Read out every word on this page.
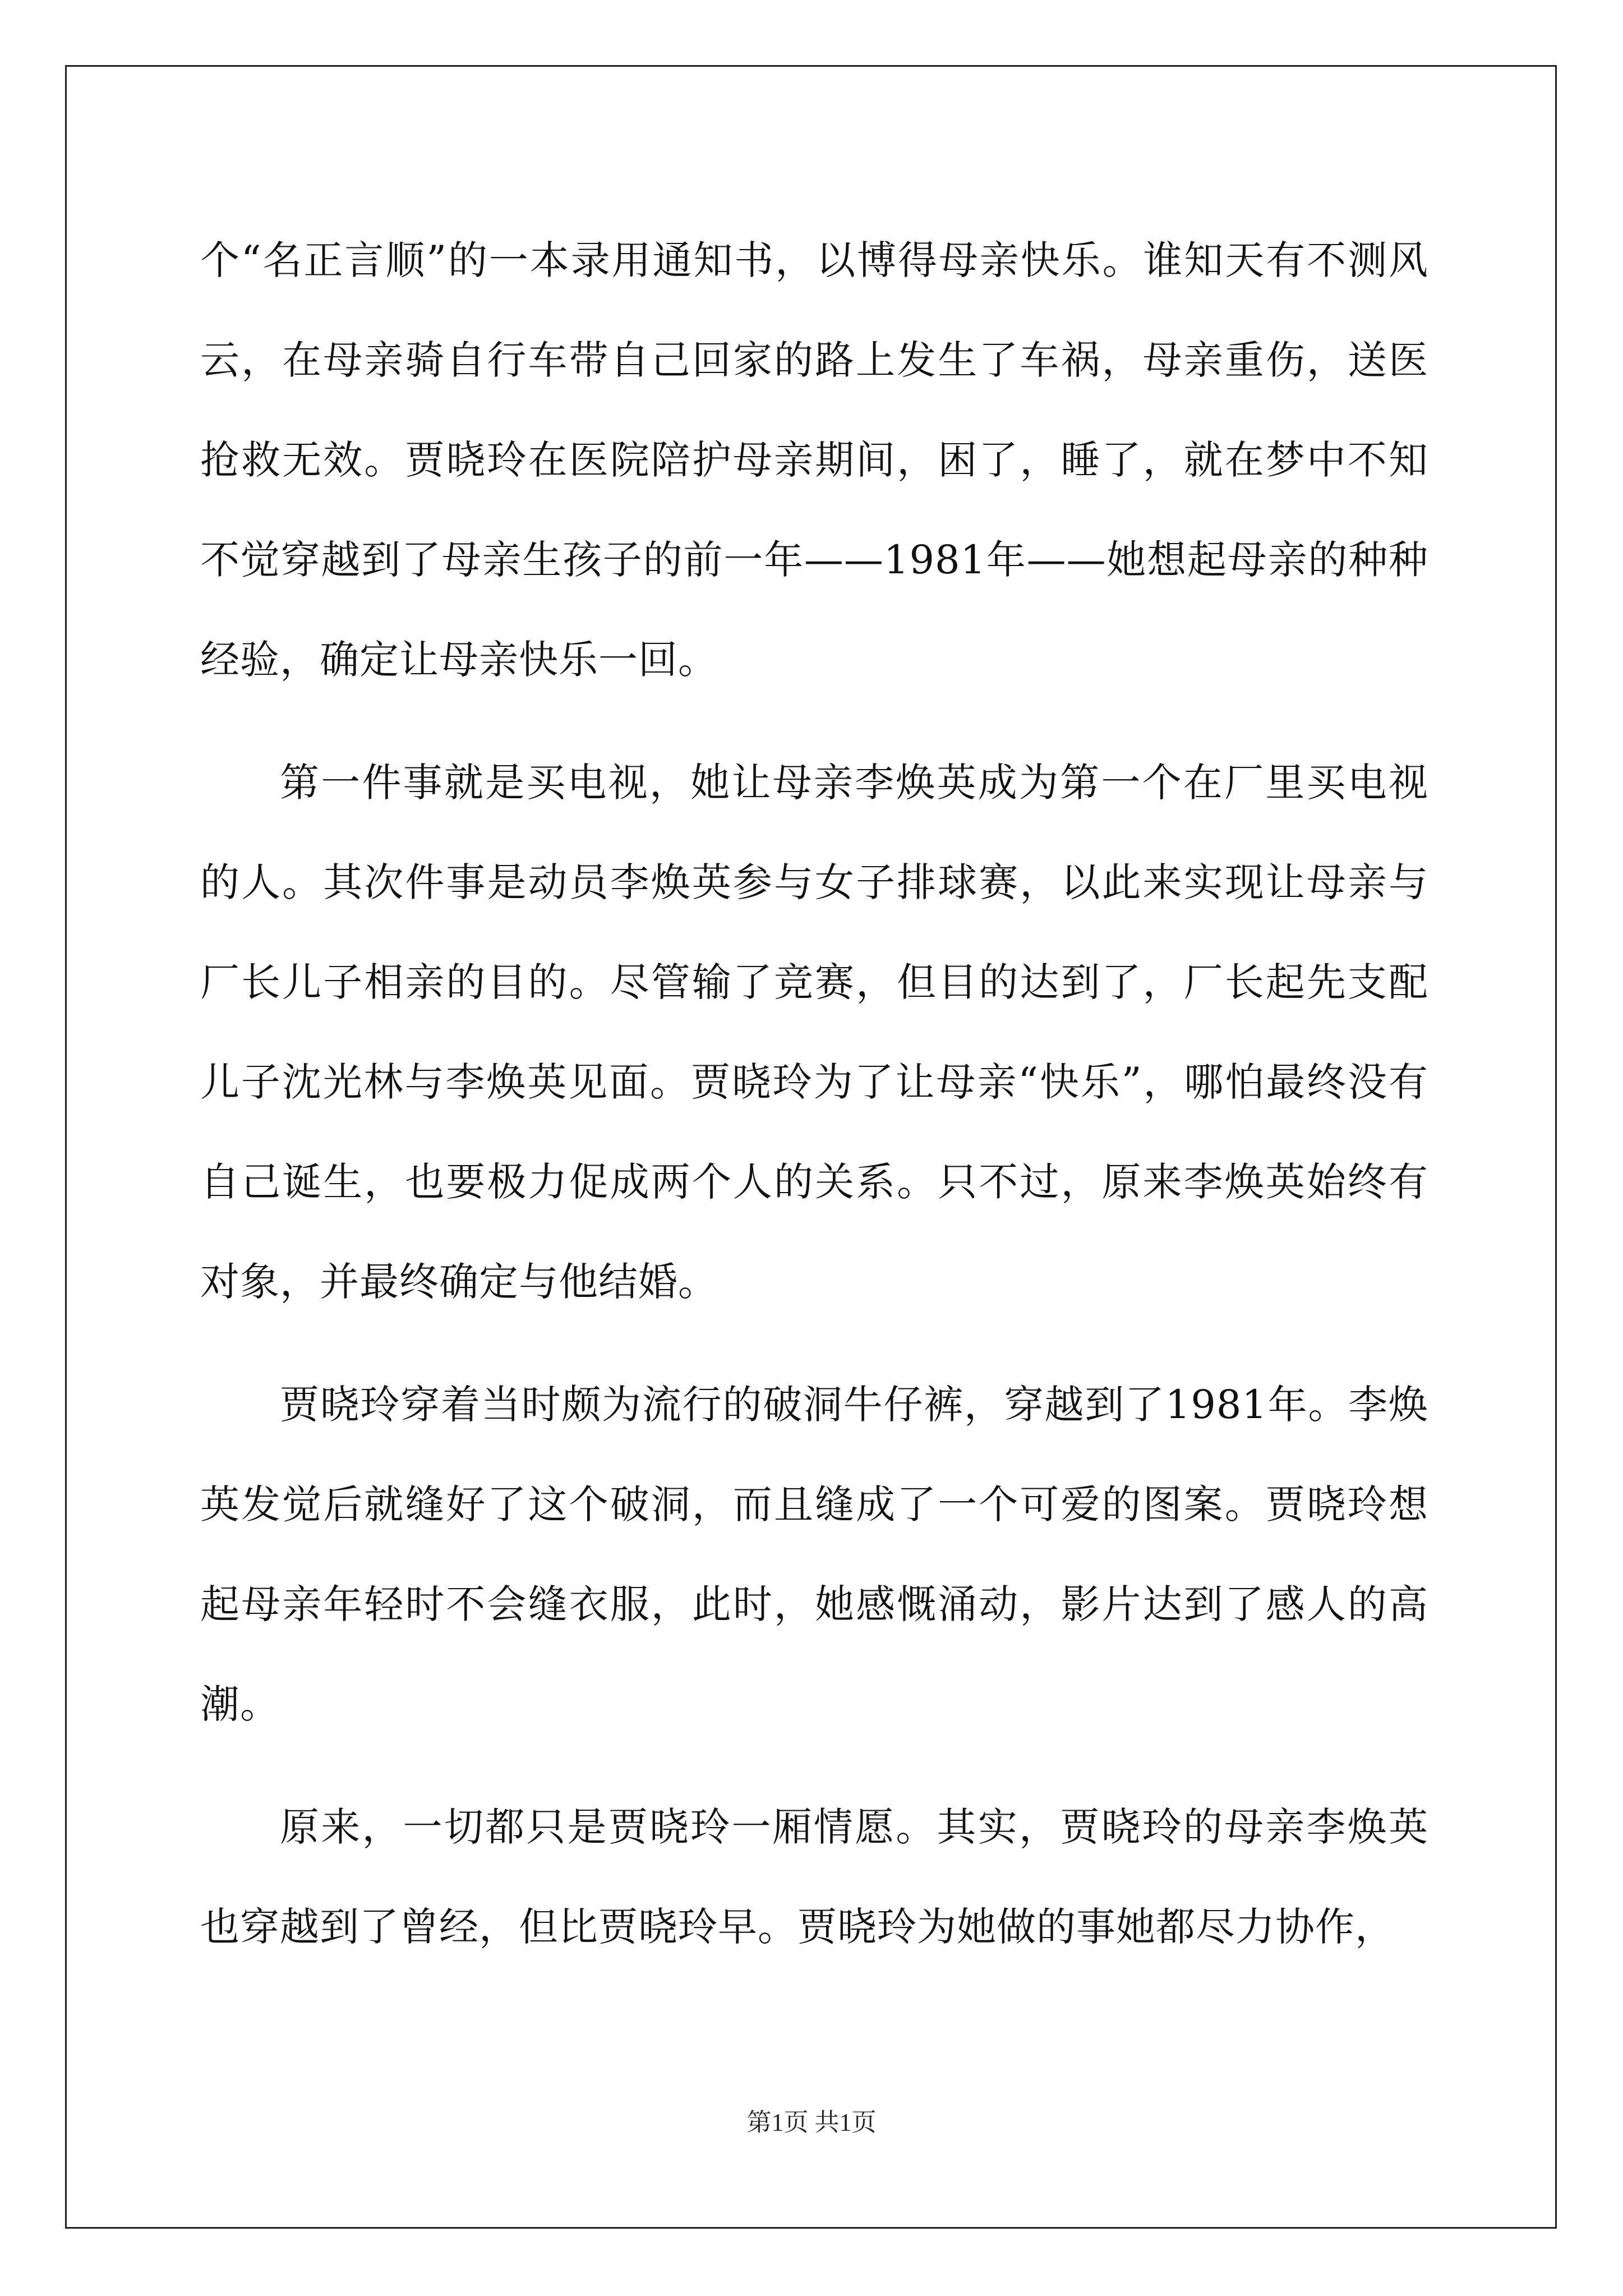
个“名正言顺”的一本录用通知书，以博得母亲快乐。谁知天有不测风云，在母亲骑自行车带自己回家的路上发生了车祸，母亲重伤，送医抢救无效。贾晓玲在医院陪护母亲期间，困了，睡了，就在梦中不知不觉穿越到了母亲生孩子的前一年——1981年——她想起母亲的种种经验，确定让母亲快乐一回。

第一件事就是买电视，她让母亲李焕英成为第一个在厂里买电视的人。其次件事是动员李焕英参与女子排球赛，以此来实现让母亲与厂长儿子相亲的目的。尽管输了竞赛，但目的达到了，厂长起先支配儿子沈光林与李焕英见面。贾晓玲为了让母亲“快乐”，哪怕最终没有自己诞生，也要极力促成两个人的关系。只不过，原来李焕英始终有对象，并最终确定与他结婚。

贾晓玲穿着当时颇为流行的破洞牛仔裤，穿越到了1981年。李焕英发觉后就缝好了这个破洞，而且缝成了一个可爱的图案。贾晓玲想起母亲年轻时不会缝衣服，此时，她感慨涌动，影片达到了感人的高潮。

原来，一切都只是贾晓玲一厢情愿。其实，贾晓玲的母亲李焕英也穿越到了曾经，但比贾晓玲早。贾晓玲为她做的事她都尽力协作，

第1页 共1页
